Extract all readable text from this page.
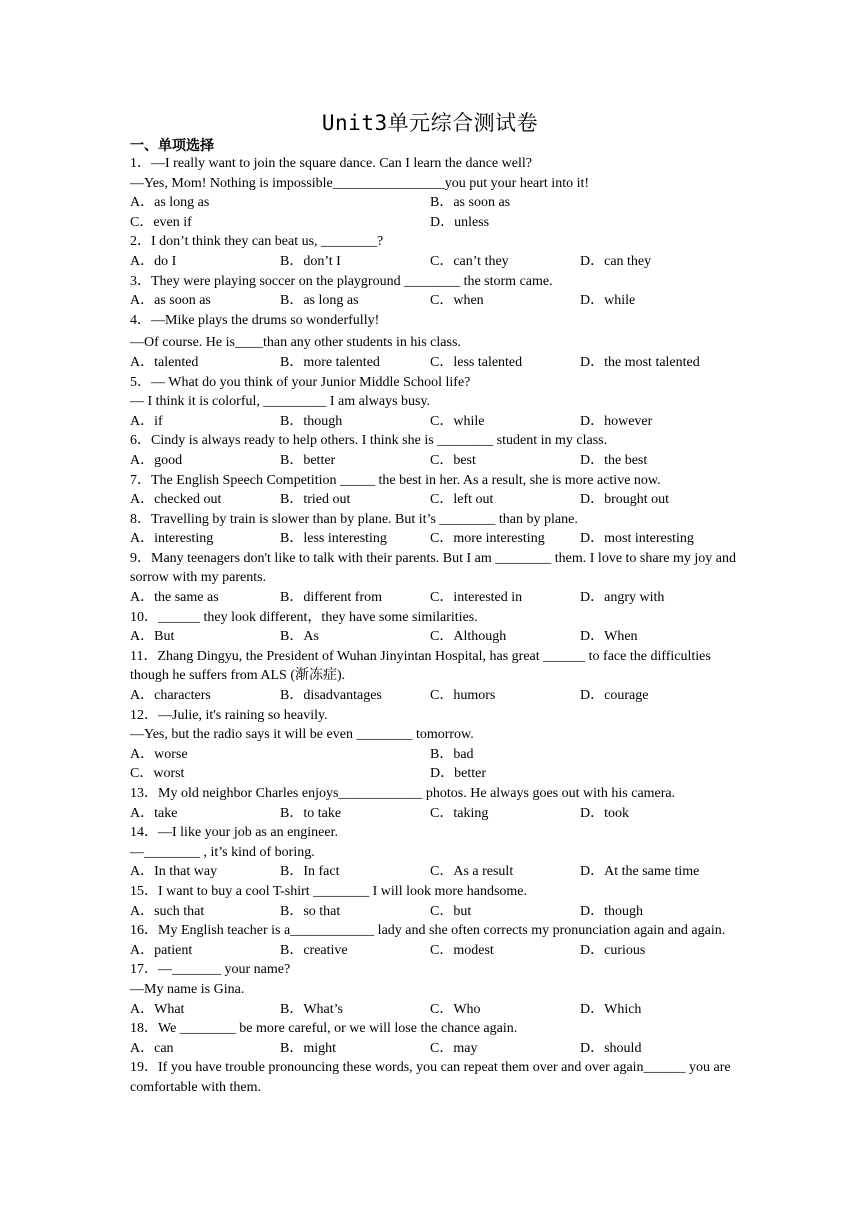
Unit3单元综合测试卷
一、单项选择
1．—I really want to join the square dance. Can I learn the dance well?
—Yes, Mom! Nothing is impossible________________you put your heart into it!
A．as long as	B．as soon as
C．even if	D．unless
2．I don’t think they can beat us, ________?
A．do I	B．don’t I	C．can’t they	D．can they
3．They were playing soccer on the playground ________ the storm came.
A．as soon as	B．as long as	C．when	D．while
4．—Mike plays the drums so wonderfully!
—Of course. He is____than any other students in his class.
A．talented	B．more talented	C．less talented	D．the most talented
5．— What do you think of your Junior Middle School life?
— I think it is colorful, _________ I am always busy.
A．if	B．though	C．while	D．however
6．Cindy is always ready to help others. I think she is ________ student in my class.
A．good	B．better	C．best	D．the best
7．The English Speech Competition _____ the best in her. As a result, she is more active now.
A．checked out	B．tried out	C．left out	D．brought out
8．Travelling by train is slower than by plane. But it’s ________ than by plane.
A．interesting	B．less interesting	C．more interesting	D．most interesting
9．Many teenagers don't like to talk with their parents. But I am ________ them. I love to share my joy and sorrow with my parents.
A．the same as	B．different from	C．interested in	D．angry with
10．______ they look different，they have some similarities.
A．But	B．As	C．Although	D．When
11．Zhang Dingyu, the President of Wuhan Jinyintan Hospital, has great ______ to face the difficulties though he suffers from ALS (渐冻症).
A．characters	B．disadvantages	C．humors	D．courage
12．—Julie, it's raining so heavily.
—Yes, but the radio says it will be even ________ tomorrow.
A．worse	B．bad
C．worst	D．better
13．My old neighbor Charles enjoys____________ photos. He always goes out with his camera.
A．take	B．to take	C．taking	D．took
14．—I like your job as an engineer.
—________ , it’s kind of boring.
A．In that way	B．In fact	C．As a result	D．At the same time
15．I want to buy a cool T-shirt ________ I will look more handsome.
A．such that	B．so that	C．but	D．though
16．My English teacher is a____________ lady and she often corrects my pronunciation again and again.
A．patient	B．creative	C．modest	D．curious
17．—_______ your name?
—My name is Gina.
A．What	B．What’s	C．Who	D．Which
18．We ________ be more careful, or we will lose the chance again.
A．can	B．might	C．may	D．should
19．If you have trouble pronouncing these words, you can repeat them over and over again______ you are comfortable with them.
